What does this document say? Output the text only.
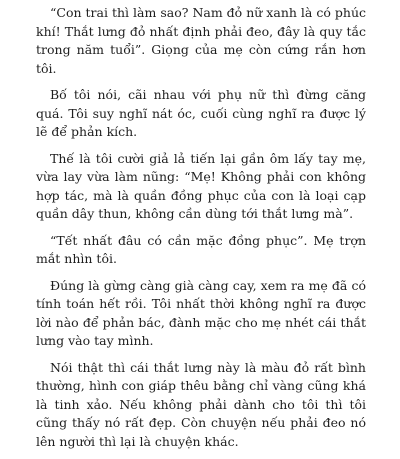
“Con trai thì làm sao? Nam đỏ nữ xanh là có phúc khí! Thắt lưng đỏ nhất định phải đeo, đây là quy tắc trong năm tuổi”. Giọng của mẹ còn cứng rắn hơn tôi.

Bố tôi nói, cãi nhau với phụ nữ thì đừng căng quá. Tôi suy nghĩ nát óc, cuối cùng nghĩ ra được lý lẽ để phản kích.

Thế là tôi cười giả lả tiến lại gần ôm lấy tay mẹ, vừa lay vừa làm nũng: “Mẹ! Không phải con không hợp tác, mà là quần đồng phục của con là loại cạp quần dây thun, không cần dùng tới thắt lưng mà”.

“Tết nhất đâu có cần mặc đồng phục”. Mẹ trợn mắt nhìn tôi.

Đúng là gừng càng già càng cay, xem ra mẹ đã có tính toán hết rồi. Tôi nhất thời không nghĩ ra được lời nào để phản bác, đành mặc cho mẹ nhét cái thắt lưng vào tay mình.

Nói thật thì cái thắt lưng này là màu đỏ rất bình thường, hình con giáp thêu bằng chỉ vàng cũng khá là tinh xảo. Nếu không phải dành cho tôi thì tôi cũng thấy nó rất đẹp. Còn chuyện nếu phải đeo nó lên người thì lại là chuyện khác.
